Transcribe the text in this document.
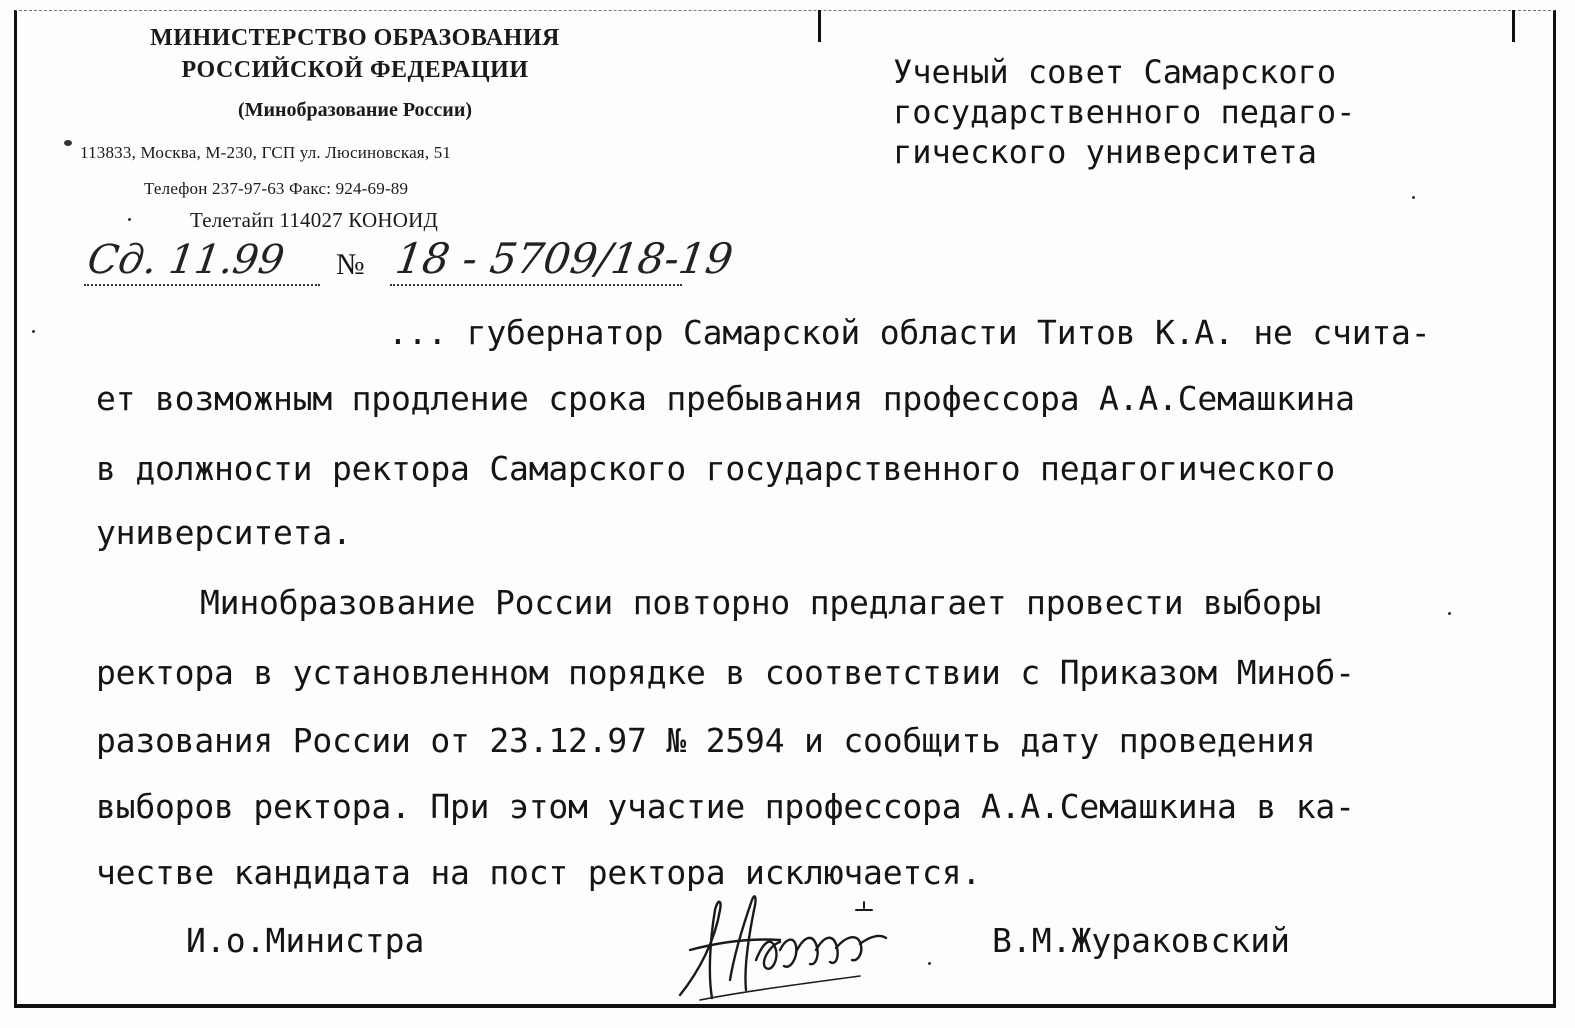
МИНИСТЕРСТВО ОБРАЗОВАНИЯ
РОССИЙСКОЙ ФЕДЕРАЦИИ
(Минобразование России)
113833, Москва, М-230, ГСП ул. Люсиновская, 51
Телефон 237-97-63 Факс: 924-69-89
Телетайп 114027 КОНОИД
Сд. 11.99 № 18 - 5709/18-19
Ученый совет Самарского
государственного педаго-
гического университета
... губернатор Самарской области Титов К.А. не счита-
ет возможным продление срока пребывания профессора А.А.Семашкина
в должности ректора Самарского государственного педагогического
университета.
Минобразование России повторно предлагает провести выборы
ректора в установленном порядке в соответствии с Приказом Миноб-
разования России от 23.12.97 № 2594 и сообщить дату проведения
выборов ректора. При этом участие профессора А.А.Семашкина в ка-
честве кандидата на пост ректора исключается.
И.о.Министра	В.М.Жураковский
